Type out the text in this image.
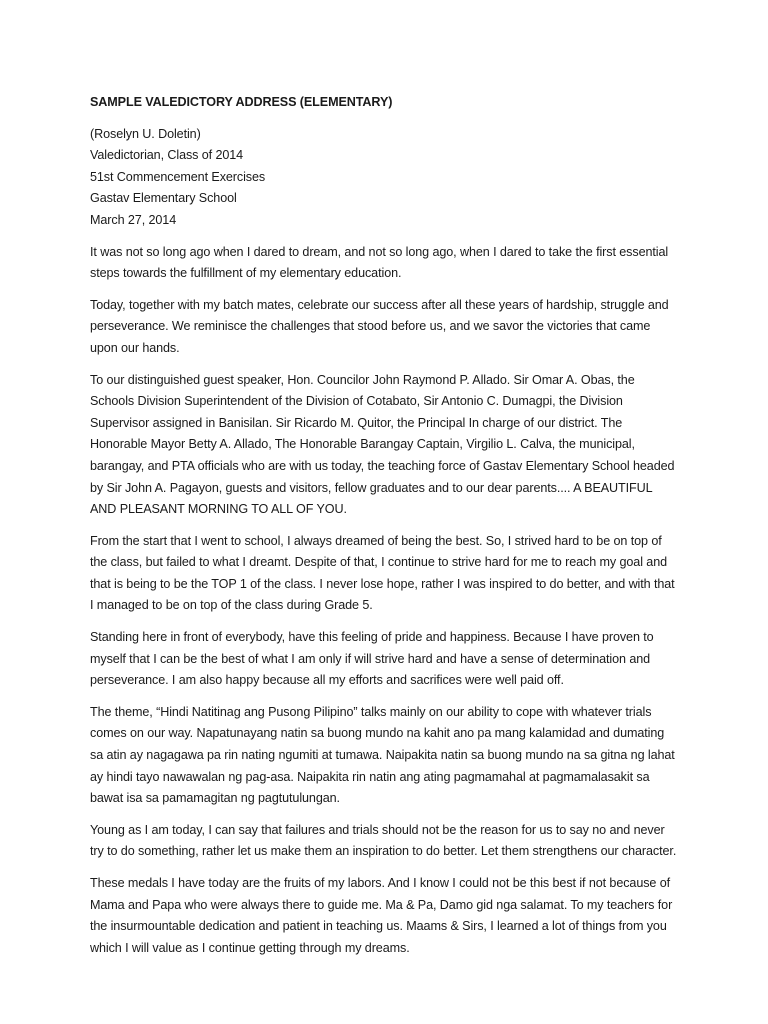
SAMPLE VALEDICTORY ADDRESS (ELEMENTARY)
(Roselyn U. Doletin)
Valedictorian, Class of 2014
51st Commencement Exercises
Gastav Elementary School
March 27, 2014

It was not so long ago when I dared to dream, and not so long ago, when I dared to take the first essential steps towards the fulfillment of my elementary education.

Today, together with my batch mates, celebrate our success after all these years of hardship, struggle and perseverance. We reminisce the challenges that stood before us, and we savor the victories that came upon our hands.

To our distinguished guest speaker, Hon. Councilor John Raymond P. Allado. Sir Omar A. Obas, the Schools Division Superintendent of the Division of Cotabato, Sir Antonio C. Dumagpi, the Division Supervisor assigned in Banisilan. Sir Ricardo M. Quitor, the Principal In charge of our district. The Honorable Mayor Betty A. Allado, The Honorable Barangay Captain, Virgilio L. Calva, the municipal, barangay, and PTA officials who are with us today, the teaching force of Gastav Elementary School headed by Sir John A. Pagayon, guests and visitors, fellow graduates and to our dear parents.... A BEAUTIFUL AND PLEASANT MORNING TO ALL OF YOU.

From the start that I went to school, I always dreamed of being the best. So, I strived hard to be on top of the class, but failed to what I dreamt. Despite of that, I continue to strive hard for me to reach my goal and that is being to be the TOP 1 of the class. I never lose hope, rather I was inspired to do better, and with that I managed to be on top of the class during Grade 5.

Standing here in front of everybody, have this feeling of pride and happiness. Because I have proven to myself that I can be the best of what I am only if will strive hard and have a sense of determination and perseverance. I am also happy because all my efforts and sacrifices were well paid off.

The theme, “Hindi Natitinag ang Pusong Pilipino” talks mainly on our ability to cope with whatever trials comes on our way. Napatunayang natin sa buong mundo na kahit ano pa mang kalamidad and dumating sa atin ay nagagawa pa rin nating ngumiti at tumawa. Naipakita natin sa buong mundo na sa gitna ng lahat ay hindi tayo nawawalan ng pag-asa. Naipakita rin natin ang ating pagmamahal at pagmamalasakit sa bawat isa sa pamamagitan ng pagtutulungan.

Young as I am today, I can say that failures and trials should not be the reason for us to say no and never try to do something, rather let us make them an inspiration to do better. Let them strengthens our character.

These medals I have today are the fruits of my labors. And I know I could not be this best if not because of Mama and Papa who were always there to guide me. Ma & Pa, Damo gid nga salamat. To my teachers for the insurmountable dedication and patient in teaching us. Maams & Sirs, I learned a lot of things from you which I will value as I continue getting through my dreams.
